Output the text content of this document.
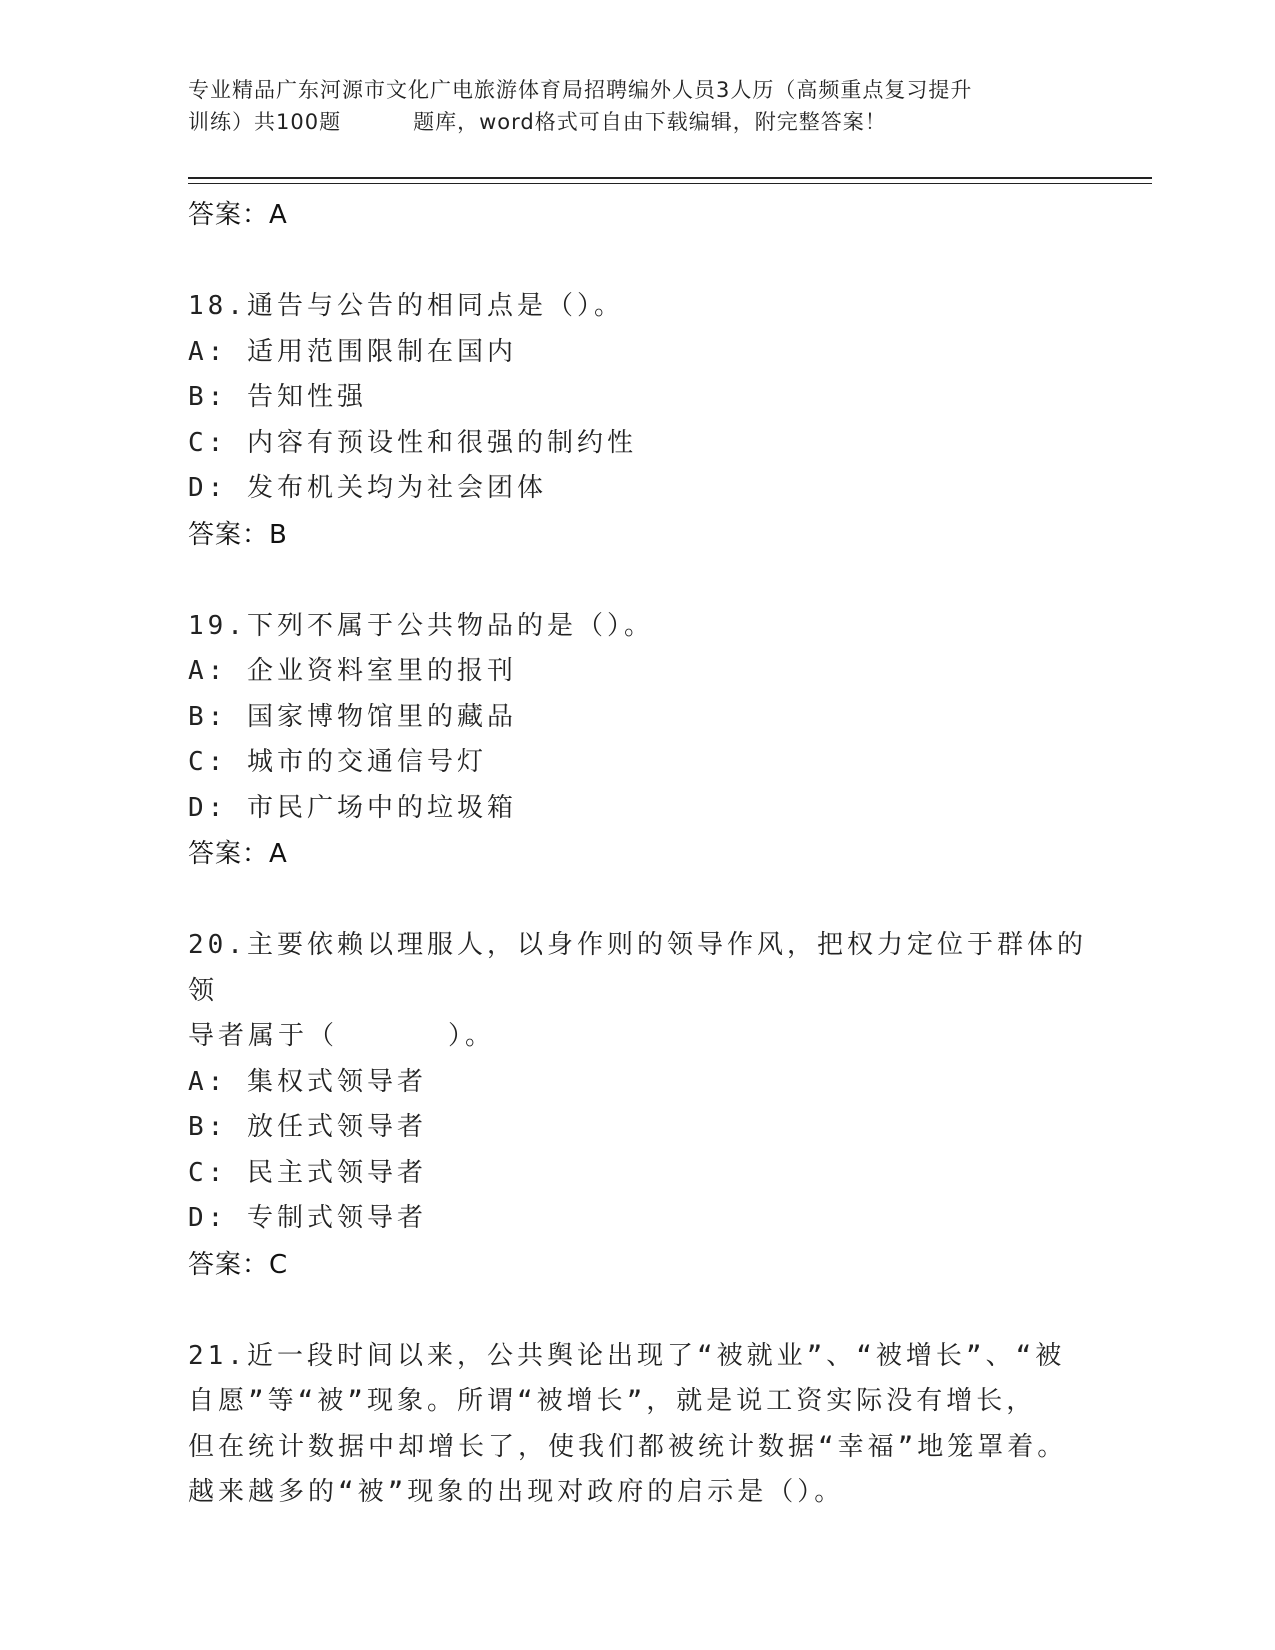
专业精品广东河源市文化广电旅游体育局招聘编外人员3人历（高频重点复习提升
训练）共100题	题库，word格式可自由下载编辑，附完整答案！

答案：A

18.通告与公告的相同点是（）。

A: 适用范围限制在国内

B: 告知性强

C: 内容有预设性和很强的制约性

D: 发布机关均为社会团体

答案：B

19.下列不属于公共物品的是（）。

A: 企业资料室里的报刊

B: 国家博物馆里的藏品

C: 城市的交通信号灯

D: 市民广场中的垃圾箱

答案：A

20.主要依赖以理服人，以身作则的领导作风，把权力定位于群体的领

导者属于（	）。

A: 集权式领导者

B: 放任式领导者

C: 民主式领导者

D: 专制式领导者

答案：C

21.近一段时间以来，公共舆论出现了“被就业”、“被增长”、“被

自愿”等“被”现象。所谓“被增长”，就是说工资实际没有增长，

但在统计数据中却增长了，使我们都被统计数据“幸福”地笼罩着。

越来越多的“被”现象的出现对政府的启示是（）。
